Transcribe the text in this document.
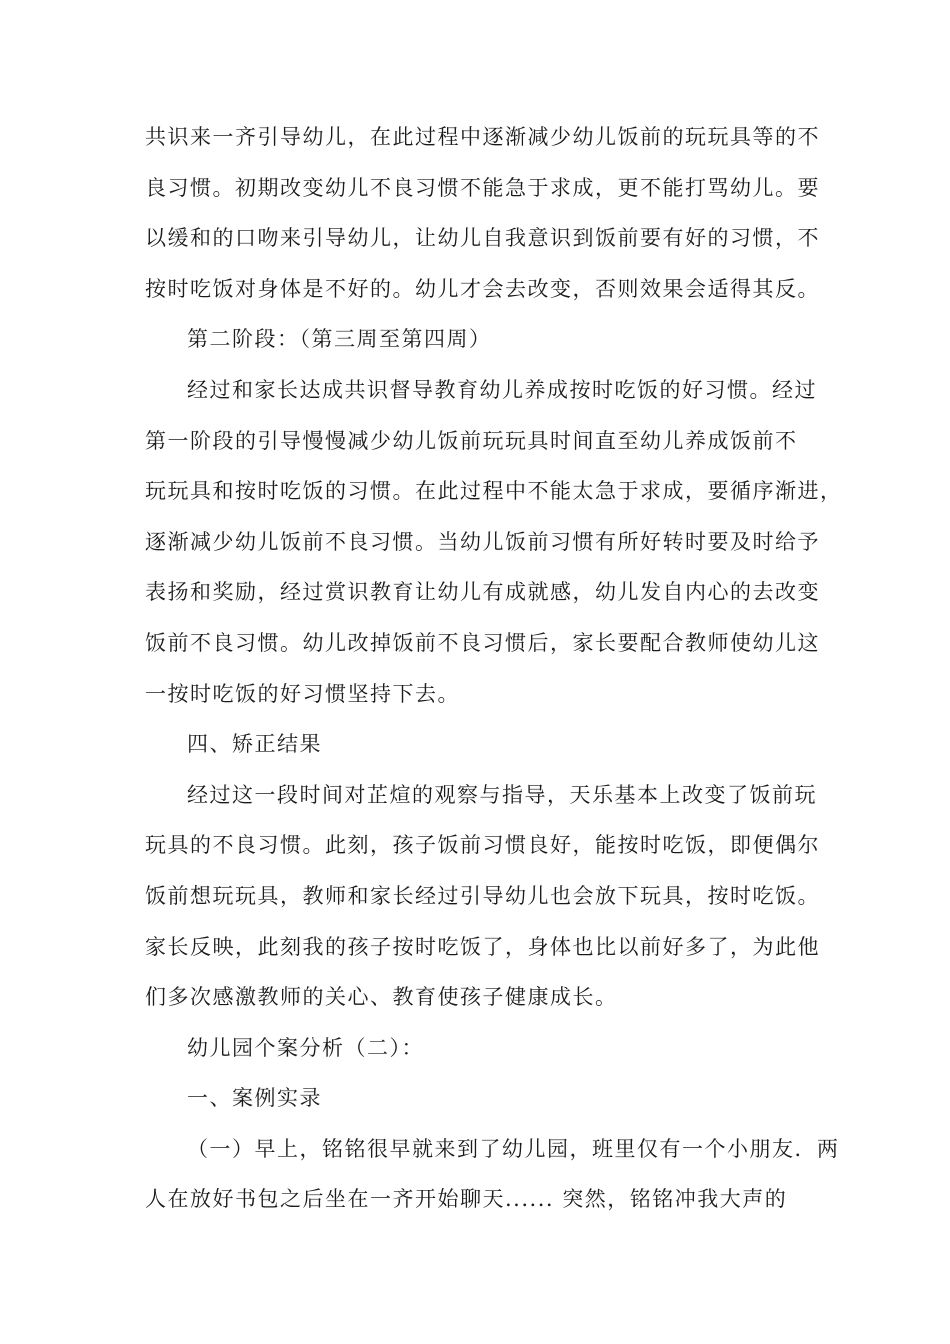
共识来一齐引导幼儿，在此过程中逐渐减少幼儿饭前的玩玩具等的不
良习惯。初期改变幼儿不良习惯不能急于求成，更不能打骂幼儿。要
以缓和的口吻来引导幼儿，让幼儿自我意识到饭前要有好的习惯，不
按时吃饭对身体是不好的。幼儿才会去改变，否则效果会适得其反。

第二阶段：（第三周至第四周）

经过和家长达成共识督导教育幼儿养成按时吃饭的好习惯。经过
第一阶段的引导慢慢减少幼儿饭前玩玩具时间直至幼儿养成饭前不
玩玩具和按时吃饭的习惯。在此过程中不能太急于求成，要循序渐进，
逐渐减少幼儿饭前不良习惯。当幼儿饭前习惯有所好转时要及时给予
表扬和奖励，经过赏识教育让幼儿有成就感，幼儿发自内心的去改变
饭前不良习惯。幼儿改掉饭前不良习惯后，家长要配合教师使幼儿这
一按时吃饭的好习惯坚持下去。

四、矫正结果

经过这一段时间对芷煊的观察与指导，天乐基本上改变了饭前玩
玩具的不良习惯。此刻，孩子饭前习惯良好，能按时吃饭，即便偶尔
饭前想玩玩具，教师和家长经过引导幼儿也会放下玩具，按时吃饭。
家长反映，此刻我的孩子按时吃饭了，身体也比以前好多了，为此他
们多次感激教师的关心、教育使孩子健康成长。

幼儿园个案分析（二）：

一、案例实录

（一）早上，铭铭很早就来到了幼儿园，班里仅有一个小朋友．两
人在放好书包之后坐在一齐开始聊天...... 突然，铭铭冲我大声的
